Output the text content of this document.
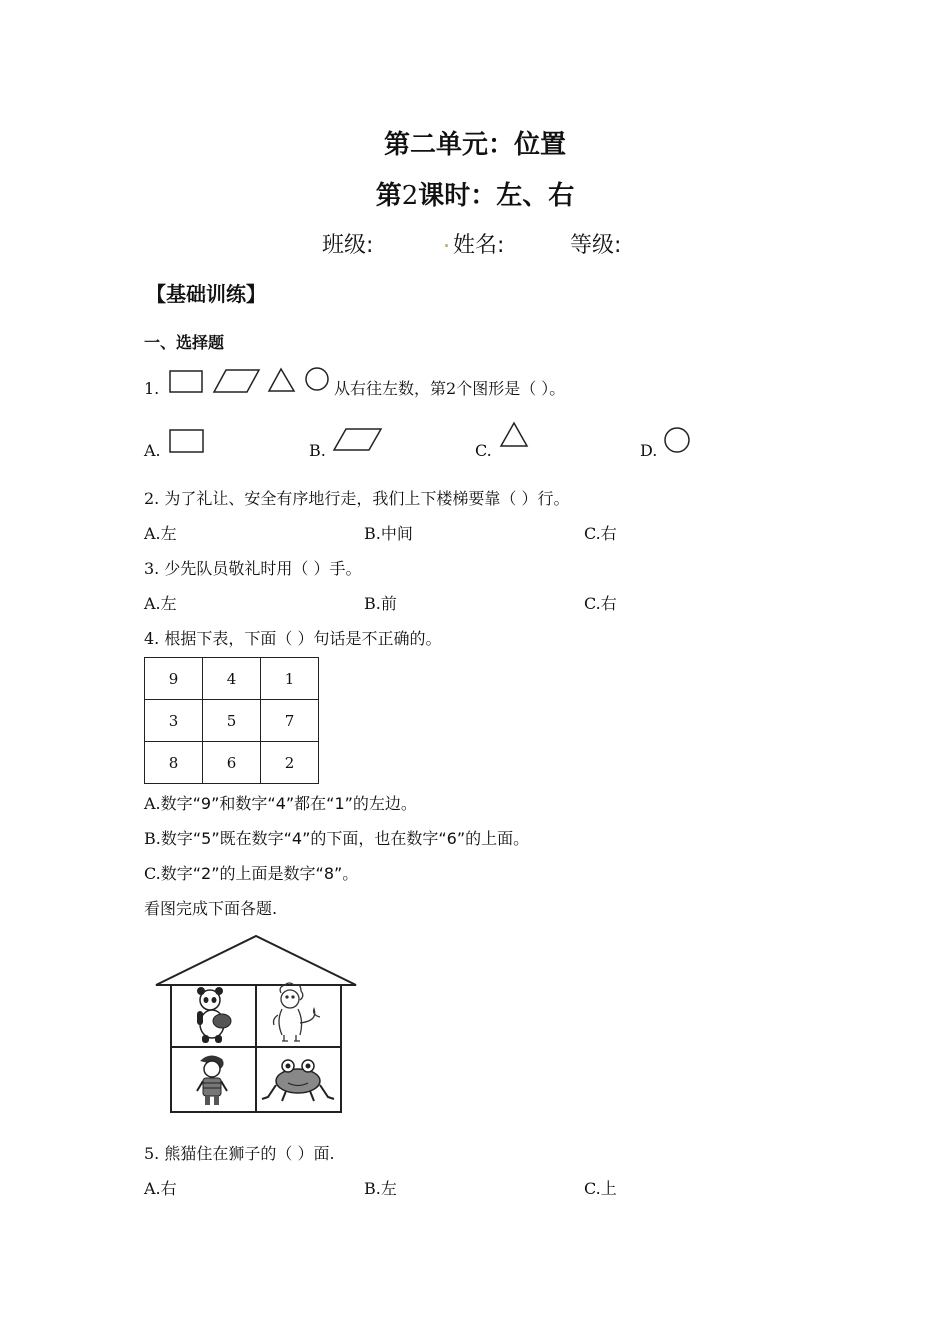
第二单元：位置
第2课时：左、右
班级:	. 姓名:	等级:
【基础训练】
一、选择题
1.	从右往左数，第2个图形是（ ）。
A.	B.	C.	D.
2. 为了礼让、安全有序地行走，我们上下楼梯要靠（ ）行。
A.左	B.中间	C.右
3. 少先队员敬礼时用（ ）手。
A.左	B.前	C.右
4. 根据下表，下面（ ）句话是不正确的。
9	4	1
3	5	7
8	6	2
A.数字“9”和数字“4”都在“1”的左边。
B.数字“5”既在数字“4”的下面，也在数字“6”的上面。
C.数字“2”的上面是数字“8”。
看图完成下面各题.
5. 熊猫住在狮子的（ ）面.
A.右	B.左	C.上
